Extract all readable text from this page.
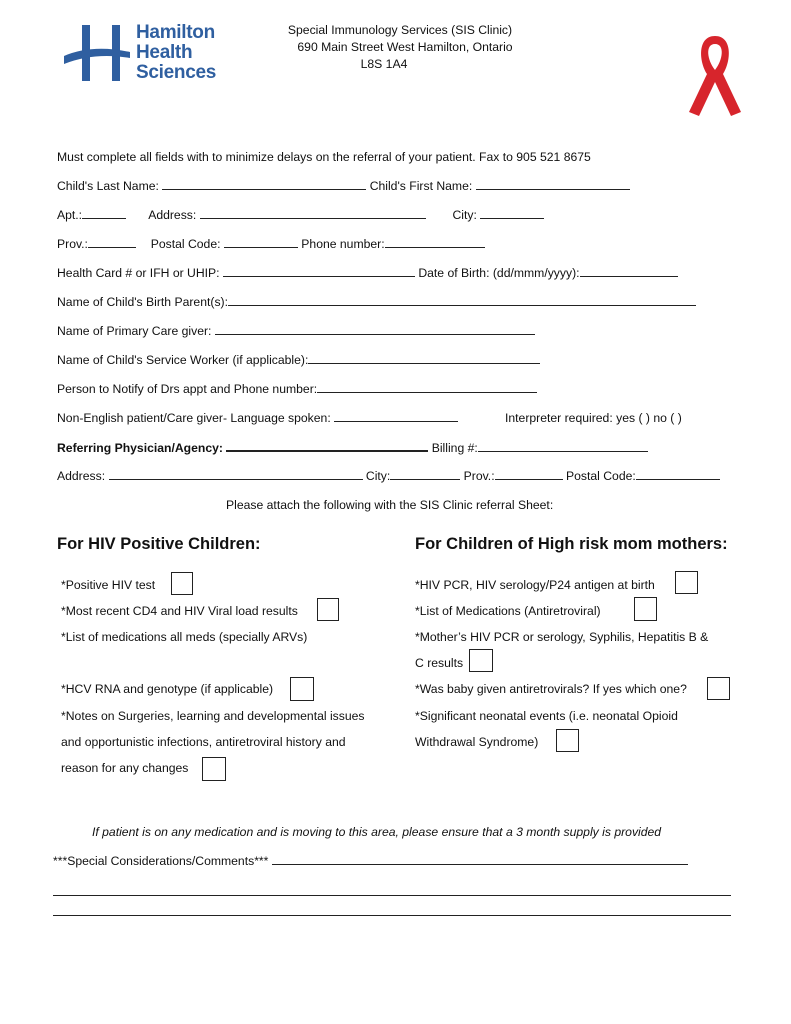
Hamilton
Health
Sciences
Special Immunology Services (SIS Clinic)
690 Main Street West Hamilton, Ontario
L8S 1A4
Must complete all fields with to minimize delays on the referral of your patient. Fax to 905 521 8675
Child's Last Name:	Child's First Name:
Apt.:	Address:	City:
Prov.:	Postal Code:	Phone number:
Health Card # or IFH or UHIP:	Date of Birth: (dd/mmm/yyyy):
Name of Child's Birth Parent(s):
Name of Primary Care giver:
Name of Child's Service Worker (if applicable):
Person to Notify of Drs appt and Phone number:
Non-English patient/Care giver- Language spoken:	Interpreter required: yes ( ) no ( )
Referring Physician/Agency:	Billing #:
Address:	City:	Prov.:	Postal Code:
Please attach the following with the SIS Clinic referral Sheet:
For HIV Positive Children:	For Children of High risk mom mothers:
*Positive HIV test
*Most recent CD4 and HIV Viral load results
*List of medications all meds (specially ARVs)
*HCV RNA and genotype (if applicable)
*Notes on Surgeries, learning and developmental issues
and opportunistic infections, antiretroviral history and
reason for any changes
*HIV PCR, HIV serology/P24 antigen at birth
*List of Medications (Antiretroviral)
*Mother’s HIV PCR or serology, Syphilis, Hepatitis B &
C results
*Was baby given antiretrovirals? If yes which one?
*Significant neonatal events (i.e. neonatal Opioid
Withdrawal Syndrome)
If patient is on any medication and is moving to this area, please ensure that a 3 month supply is provided
***Special Considerations/Comments***
